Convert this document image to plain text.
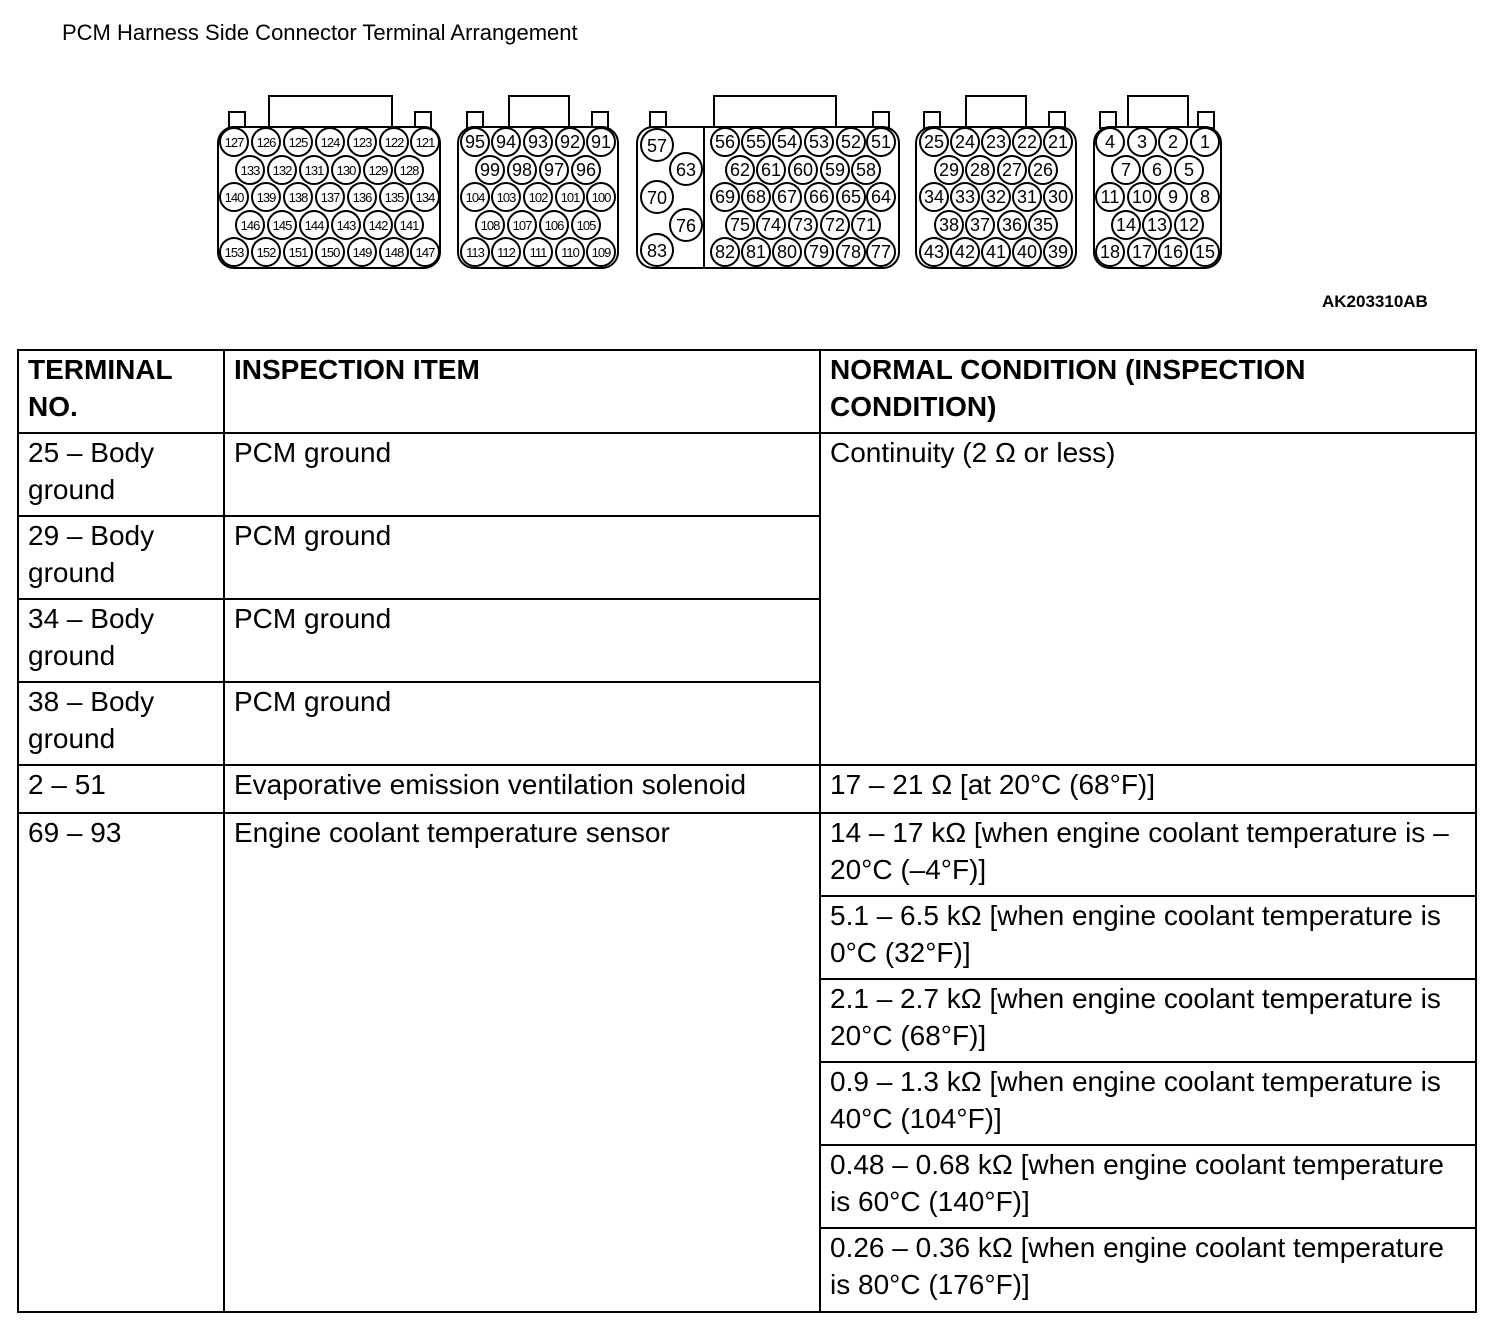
PCM Harness Side Connector Terminal Arrangement
127 126 125 124 123 122 121
133 132 131 130 129 128
140 139 138 137 136 135 134
146 145 144 143 142 141
153 152 151 150 149 148 147
95 94 93 92 91
99 98 97 96
104 103 102 101 100
108 107 106 105
113 112 111 110 109
57
63
70
76
83
56 55 54 53 52 51
62 61 60 59 58
69 68 67 66 65 64
75 74 73 72 71
82 81 80 79 78 77
25 24 23 22 21
29 28 27 26
34 33 32 31 30
38 37 36 35
43 42 41 40 39
4 3 2 1
7 6 5
11 10 9 8
14 13 12
18 17 16 15
AK203310AB
TERMINAL NO.	INSPECTION ITEM	NORMAL CONDITION (INSPECTION CONDITION)
25 – Body ground	PCM ground	Continuity (2 Ω or less)
29 – Body ground	PCM ground	
34 – Body ground	PCM ground	
38 – Body ground	PCM ground	
2 – 51	Evaporative emission ventilation solenoid	17 – 21 Ω [at 20°C (68°F)]
69 – 93	Engine coolant temperature sensor	14 – 17 kΩ [when engine coolant temperature is –20°C (–4°F)]
		5.1 – 6.5 kΩ [when engine coolant temperature is 0°C (32°F)]
		2.1 – 2.7 kΩ [when engine coolant temperature is 20°C (68°F)]
		0.9 – 1.3 kΩ [when engine coolant temperature is 40°C (104°F)]
		0.48 – 0.68 kΩ [when engine coolant temperature is 60°C (140°F)]
		0.26 – 0.36 kΩ [when engine coolant temperature is 80°C (176°F)]
